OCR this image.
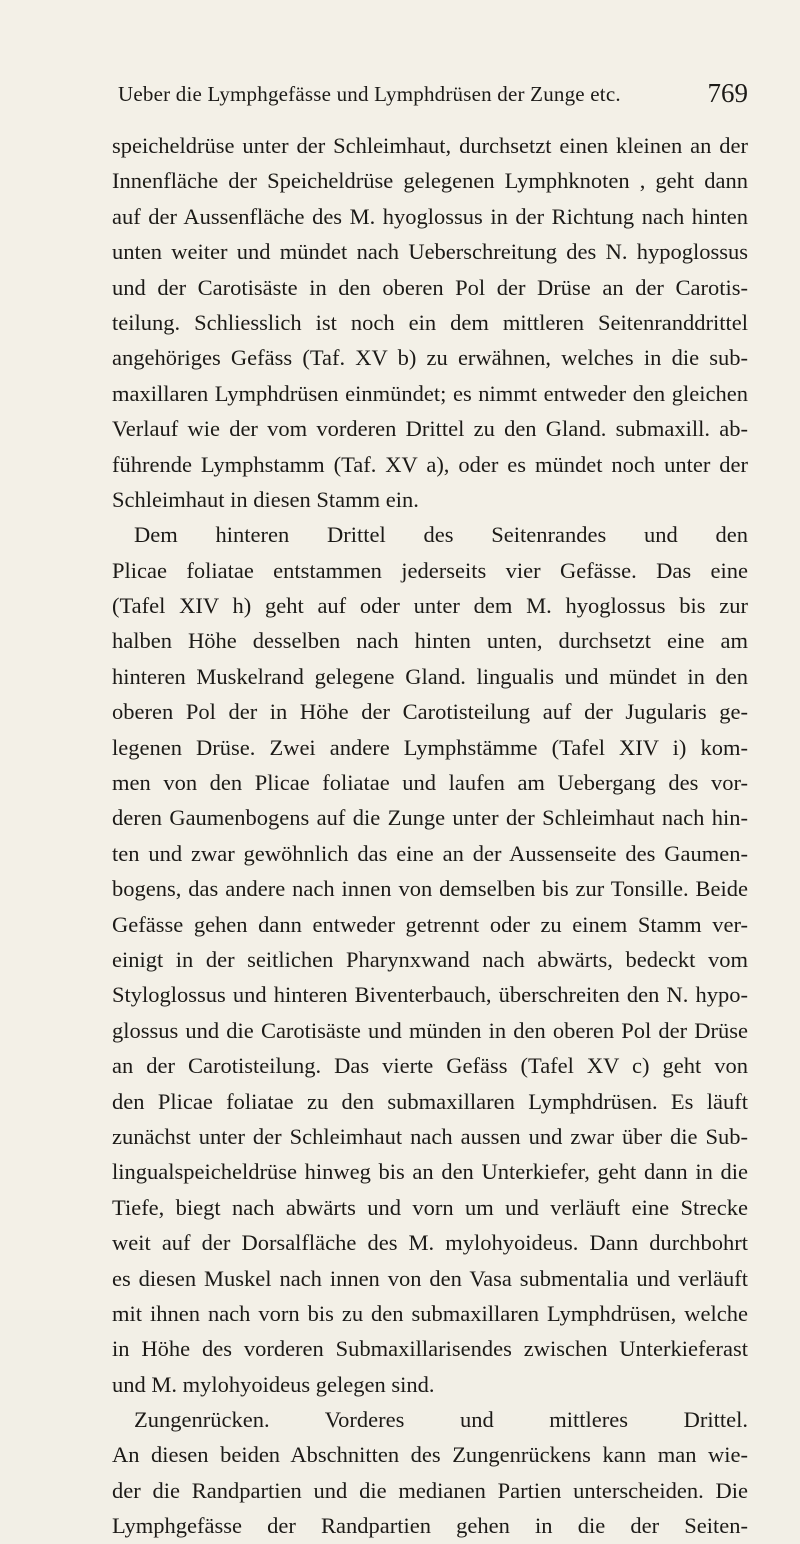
Ueber die Lymphgefässe und Lymphdrüsen der Zunge etc.	769
speicheldrüse unter der Schleimhaut, durchsetzt einen kleinen an der
Innenfläche der Speicheldrüse gelegenen Lymphknoten , geht dann
auf der Aussenfläche des M. hyoglossus in der Richtung nach hinten
unten weiter und mündet nach Ueberschreitung des N. hypoglossus
und der Carotisäste in den oberen Pol der Drüse an der Carotis-
teilung. Schliesslich ist noch ein dem mittleren Seitenranddrittel
angehöriges Gefäss (Taf. XV b) zu erwähnen, welches in die sub-
maxillaren Lymphdrüsen einmündet; es nimmt entweder den gleichen
Verlauf wie der vom vorderen Drittel zu den Gland. submaxill. ab-
führende Lymphstamm (Taf. XV a), oder es mündet noch unter der
Schleimhaut in diesen Stamm ein.
Dem hinteren Drittel des Seitenrandes und den
Plicae foliatae entstammen jederseits vier Gefässe. Das eine
(Tafel XIV h) geht auf oder unter dem M. hyoglossus bis zur
halben Höhe desselben nach hinten unten, durchsetzt eine am
hinteren Muskelrand gelegene Gland. lingualis und mündet in den
oberen Pol der in Höhe der Carotisteilung auf der Jugularis ge-
legenen Drüse. Zwei andere Lymphstämme (Tafel XIV i) kom-
men von den Plicae foliatae und laufen am Uebergang des vor-
deren Gaumenbogens auf die Zunge unter der Schleimhaut nach hin-
ten und zwar gewöhnlich das eine an der Aussenseite des Gaumen-
bogens, das andere nach innen von demselben bis zur Tonsille. Beide
Gefässe gehen dann entweder getrennt oder zu einem Stamm ver-
einigt in der seitlichen Pharynxwand nach abwärts, bedeckt vom
Styloglossus und hinteren Biventerbauch, überschreiten den N. hypo-
glossus und die Carotisäste und münden in den oberen Pol der Drüse
an der Carotisteilung. Das vierte Gefäss (Tafel XV c) geht von
den Plicae foliatae zu den submaxillaren Lymphdrüsen. Es läuft
zunächst unter der Schleimhaut nach aussen und zwar über die Sub-
lingualspeicheldrüse hinweg bis an den Unterkiefer, geht dann in die
Tiefe, biegt nach abwärts und vorn um und verläuft eine Strecke
weit auf der Dorsalfläche des M. mylohyoideus. Dann durchbohrt
es diesen Muskel nach innen von den Vasa submentalia und verläuft
mit ihnen nach vorn bis zu den submaxillaren Lymphdrüsen, welche
in Höhe des vorderen Submaxillarisendes zwischen Unterkieferast
und M. mylohyoideus gelegen sind.
Zungenrücken. Vorderes und mittleres Drittel.
An diesen beiden Abschnitten des Zungenrückens kann man wie-
der die Randpartien und die medianen Partien unterscheiden. Die
Lymphgefässe der Randpartien gehen in die der Seiten-
